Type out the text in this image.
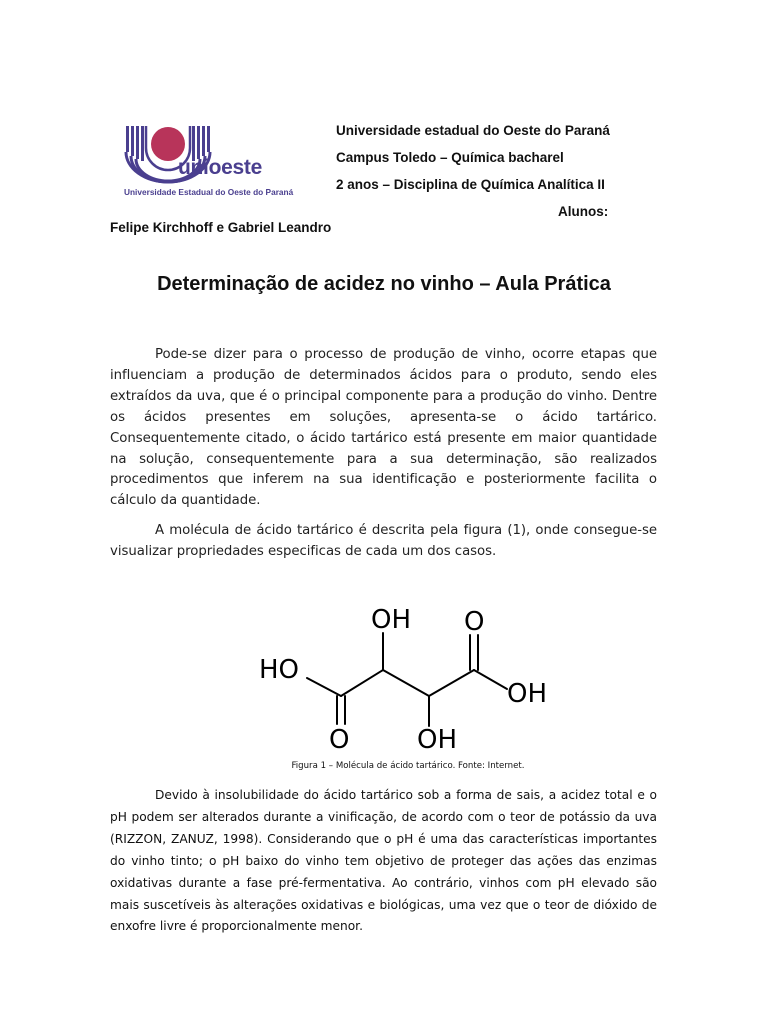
unioeste
Universidade Estadual do Oeste do Paraná
Universidade estadual do Oeste do Paraná
Campus Toledo – Química bacharel
2 anos – Disciplina de Química Analítica II
Alunos:
Felipe Kirchhoff e Gabriel Leandro
Determinação de acidez no vinho – Aula Prática
Pode-se dizer para o processo de produção de vinho, ocorre etapas que influenciam a produção de determinados ácidos para o produto, sendo eles extraídos da uva, que é o principal componente para a produção do vinho. Dentre os ácidos presentes em soluções, apresenta-se o ácido tartárico. Consequentemente citado, o ácido tartárico está presente em maior quantidade na solução, consequentemente para a sua determinação, são realizados procedimentos que inferem na sua identificação e posteriormente facilita o cálculo da quantidade.
A molécula de ácido tartárico é descrita pela figura (1), onde consegue-se visualizar propriedades especificas de cada um dos casos.
OH O
HO
OH
O	OH
Figura 1 – Molécula de ácido tartárico. Fonte: Internet.
Devido à insolubilidade do ácido tartárico sob a forma de sais, a acidez total e o pH podem ser alterados durante a vinificação, de acordo com o teor de potássio da uva (RIZZON, ZANUZ, 1998). Considerando que o pH é uma das características importantes do vinho tinto; o pH baixo do vinho tem objetivo de proteger das ações das enzimas oxidativas durante a fase pré-fermentativa. Ao contrário, vinhos com pH elevado são mais suscetíveis às alterações oxidativas e biológicas, uma vez que o teor de dióxido de enxofre livre é proporcionalmente menor.
